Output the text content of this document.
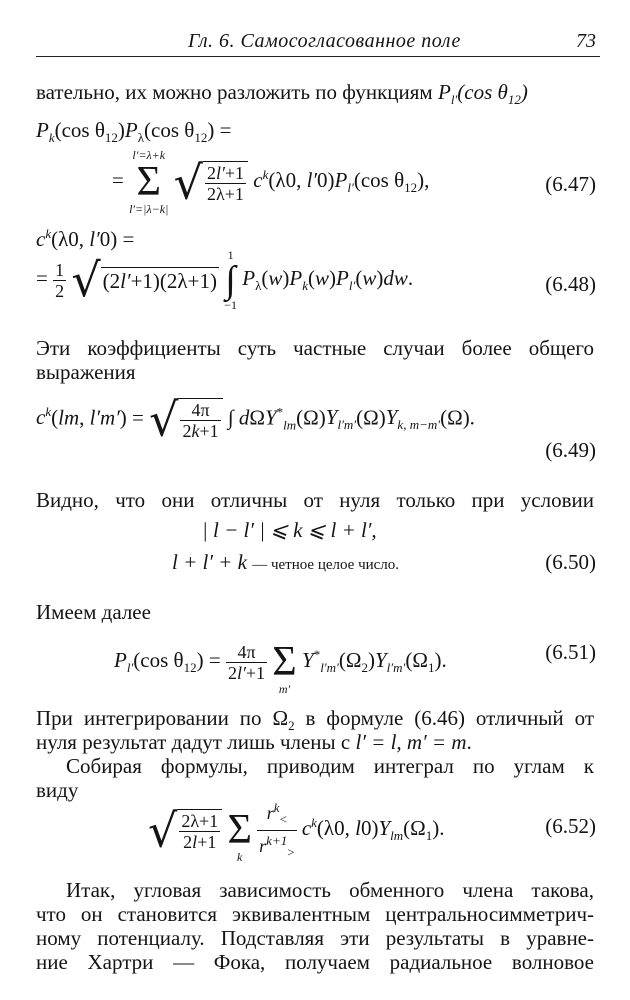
Гл. 6. Самосогласованное поле	73
вательно, их можно разложить по функциям $P_{l'}(\cos$ $\theta_{12}$)
$P_k(\cos$ $\theta_{12})P_\lambda(\cos$ $\theta_{12}$) =
=
l′=λ+k
Σ
l′=|λ−k| √ $\frac{2l'+1}{2\lambda+1} c^k(\lambda 0$, $l'0)P_{l'}(\cos$ $\theta_{12}$),	(6.47)
$c^k(\lambda 0$, l′0) =
= $\frac{1}{2} √(2l'+1)(2\lambda+1)$
1
∫
−1
$P_\lambda(w)P_k(w)P_{l'}(w)dw$.	(6.48)
Эти коэффициенты суть частные случаи более общего
выражения
$c^k(lm$, l′m′) = √ $\frac{4\pi}{2k+1}$ ∫ $d\Omega Y^*_{lm}(\Omega)Y_{l'm'}(\Omega)Y_{k, m-m'}(\Omega)$.
(6.49)
Видно, что они отличны от нуля только при условии
| l − l′ | ⩽ k ⩽ l + l′,
l + l′ + k — четное целое число.	(6.50)
Имеем далее
$P_{l'}(\cos$ $\theta_{12}) = \frac{4\pi}{2l'+1}$

Σ
m′
$Y^*_{l'm'}(\Omega_2)Y_{l'm'}(\Omega_1)$.	(6.51)
При интегрировании по $\Omega_2$ в формуле (6.46) отличный от
нуля результат дадут лишь члены с l′ = l, m′ = m.
Собирая формулы, приводим интеграл по углам к
виду
√ $\frac{2\lambda+1}{2l+1}$

Σ
k
$\frac{r^k_<}{r^{k+1}_>} c^k(\lambda 0$, $l0)Y_{lm}(\Omega_1)$.	(6.52)
Итак, угловая зависимость обменного члена такова,
что он становится эквивалентным центральносимметрич-
ному потенциалу. Подставляя эти результаты в уравне-
ние Хартри — Фока, получаем радиальное волновое
